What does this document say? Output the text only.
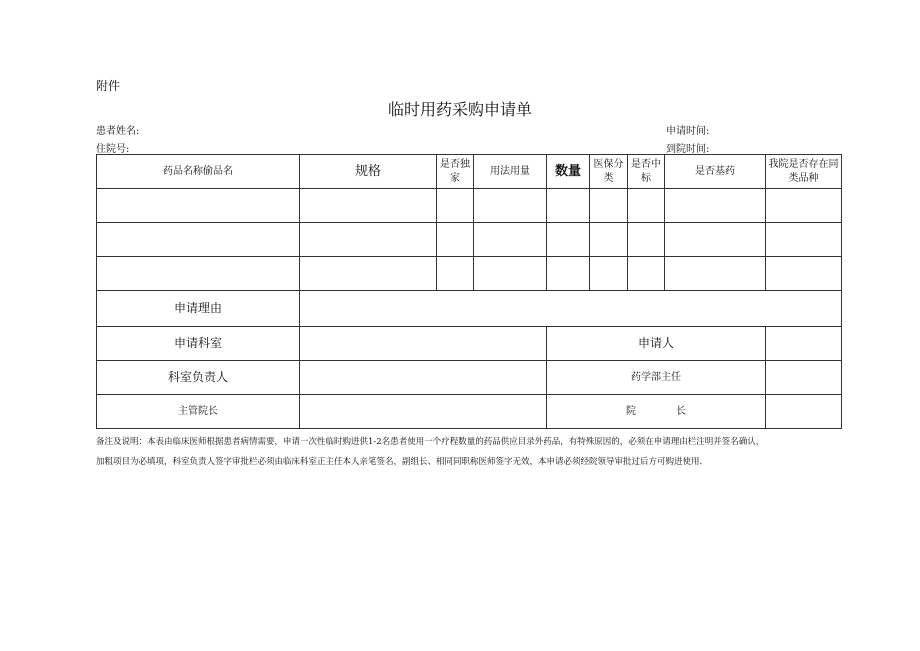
附件
临时用药采购申请单
患者姓名:	申请时间:
住院号:	到院时间:
药品名称偷品名	规格	是否独家	用法用量	数量	医保分类	是否中标	是否基药	我院是否存在同类品种

申请理由								
申请科室				申请人				
科室负责人				药学部主任				
主管院长				院　　　　长				
备注及说明：本表由临床医师根据患者病情需要，申请一次性临时购进供1-2名患者使用一个疗程数量的药品供应目录外药品，有特殊原因的，必须在申请理由栏注明并签名确认，
加粗项目为必填项，科室负责人签字审批栏必须由临床科室正主任本人亲笔签名，副组长、相同同职称医师签字无效，本申请必须经院领导审批过后方可购进使用.
